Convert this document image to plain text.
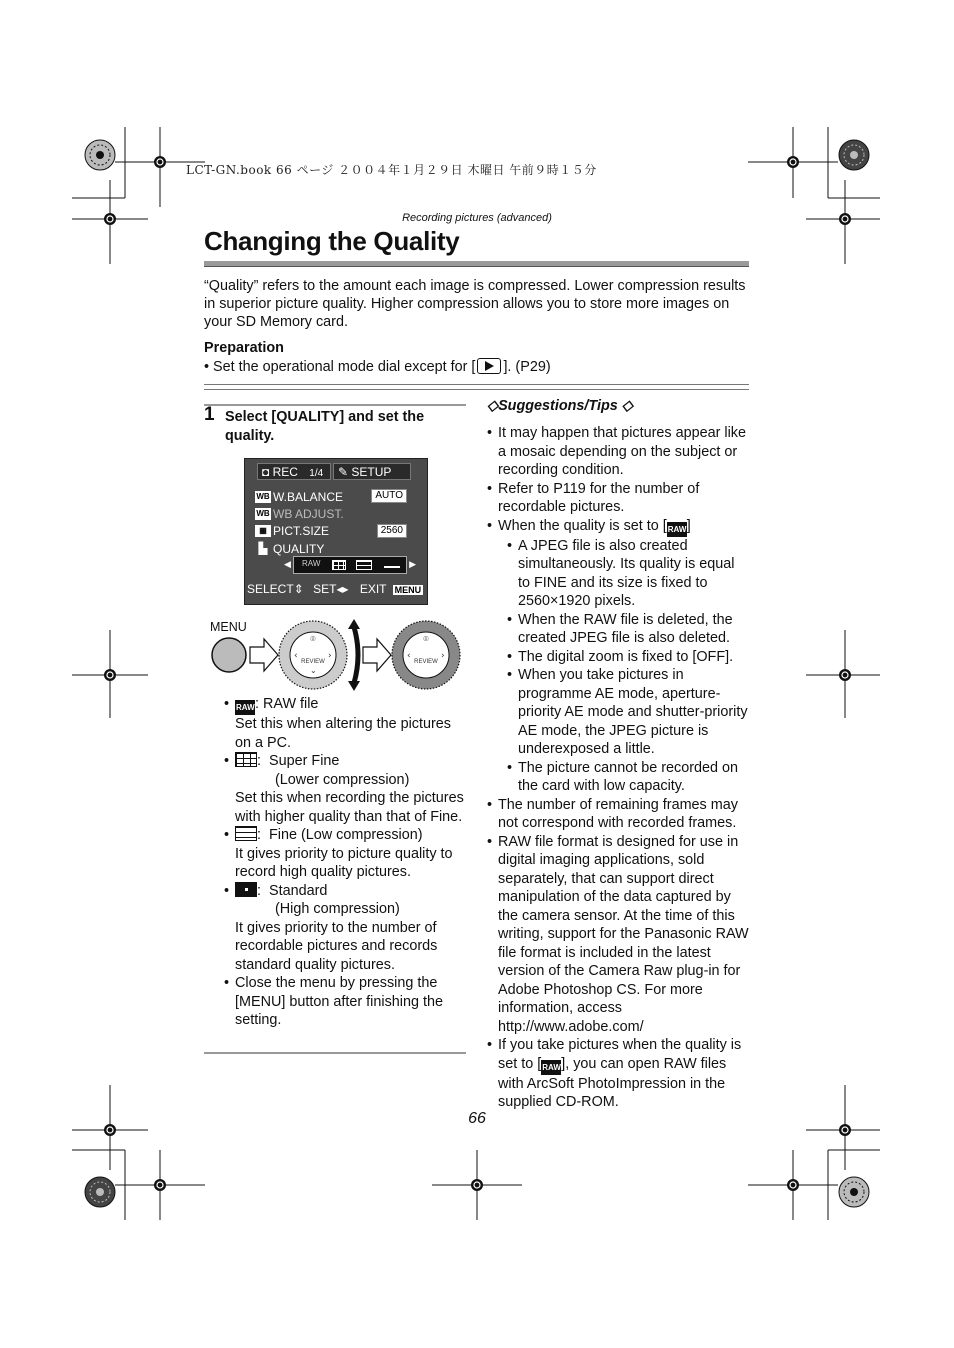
LCT-GN.book 66 ページ ２００４年１月２９日 木曜日 午前９時１５分
Recording pictures (advanced)
Changing the Quality

“Quality” refers to the amount each image is compressed. Lower compression results in superior picture quality. Higher compression allows you to store more images on your SD Memory card.

Preparation
• Set the operational mode dial except for [ ]. (P29)
1 Select [QUALITY] and set the quality.
◘ REC 1/4	✎ SETUP
WB W.BALANCE	AUTO
WB WB ADJUST.
▦ PICT.SIZE	2560
▙ QUALITY
◀ RAW	▶
SELECT⇕ SET◂▸ EXIT MENU
MENU
REVIEW
⌾
‹	›
⌄
REVIEW
⌾
‹	›
• RAW: RAW file
Set this when altering the pictures on a PC.
• :  Super Fine

(Lower compression)
Set this when recording the pictures with higher quality than that of Fine.
• :  Fine (Low compression)
It gives priority to picture quality to record high quality pictures.
• :  Standard

(High compression)
It gives priority to the number of recordable pictures and records standard quality pictures.
• Close the menu by pressing the [MENU] button after finishing the setting.
◇Suggestions/Tips ◇
• It may happen that pictures appear like a mosaic depending on the subject or recording condition.
• Refer to P119 for the number of recordable pictures.
• When the quality is set to [RAW]
• A JPEG file is also created simultaneously. Its quality is equal to FINE and its size is fixed to 2560×1920 pixels.
• When the RAW file is deleted, the created JPEG file is also deleted.
• The digital zoom is fixed to [OFF].
• When you take pictures in programme AE mode, aperture-priority AE mode and shutter-priority AE mode, the JPEG picture is underexposed a little.
• The picture cannot be recorded on the card with low capacity.
• The number of remaining frames may not correspond with recorded frames.
• RAW file format is designed for use in digital imaging applications, sold separately, that can support direct manipulation of the data captured by the camera sensor. At the time of this writing, support for the Panasonic RAW file format is included in the latest version of the Camera Raw plug-in for Adobe Photoshop CS. For more information, access http://www.adobe.com/
• If you take pictures when the quality is set to [RAW], you can open RAW files with ArcSoft PhotoImpression in the supplied CD-ROM.
66
